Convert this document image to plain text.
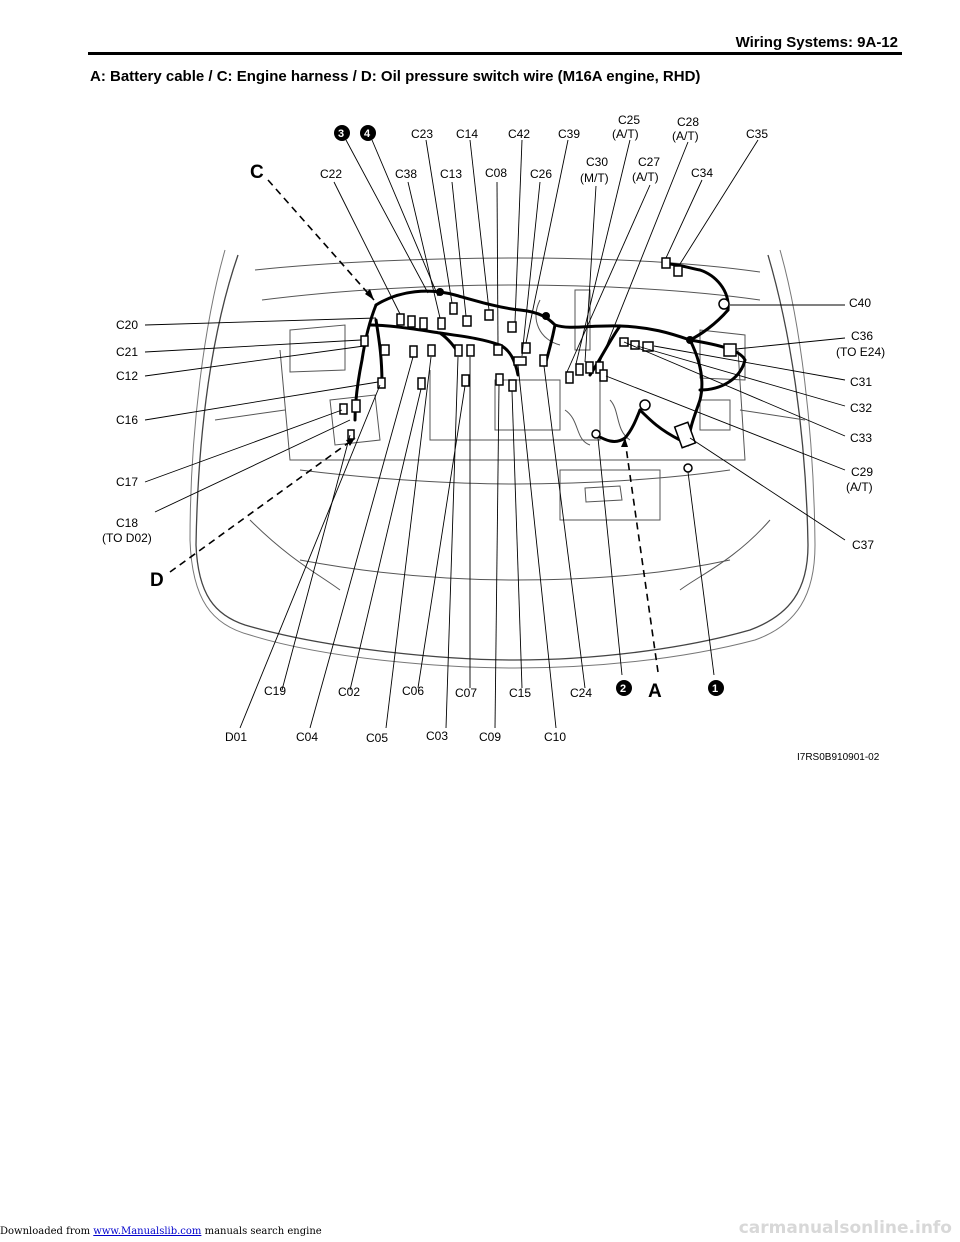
Wiring Systems: 9A-12
A: Battery cable / C: Engine harness / D: Oil pressure switch wire (M16A engine, RHD)
C
D
A
3 4
2	1
C23 C14 C42 C39
C25
(A/T)
C28
(A/T)	C35
C22	C38 C13 C08 C26
C30
(M/T)
C27
(A/T)	C34
C20
C21
C12
C16
C17
C18
(TO D02)
C40
C36
(TO E24)
C31
C32
C33
C29
(A/T)
C37
C19	C02	C06	C07	C15	C24
D01	C04	C05	C03	C09	C10
I7RS0B910901-02
Downloaded from www.Manualslib.com manuals search engine	carmanualsonline.info
